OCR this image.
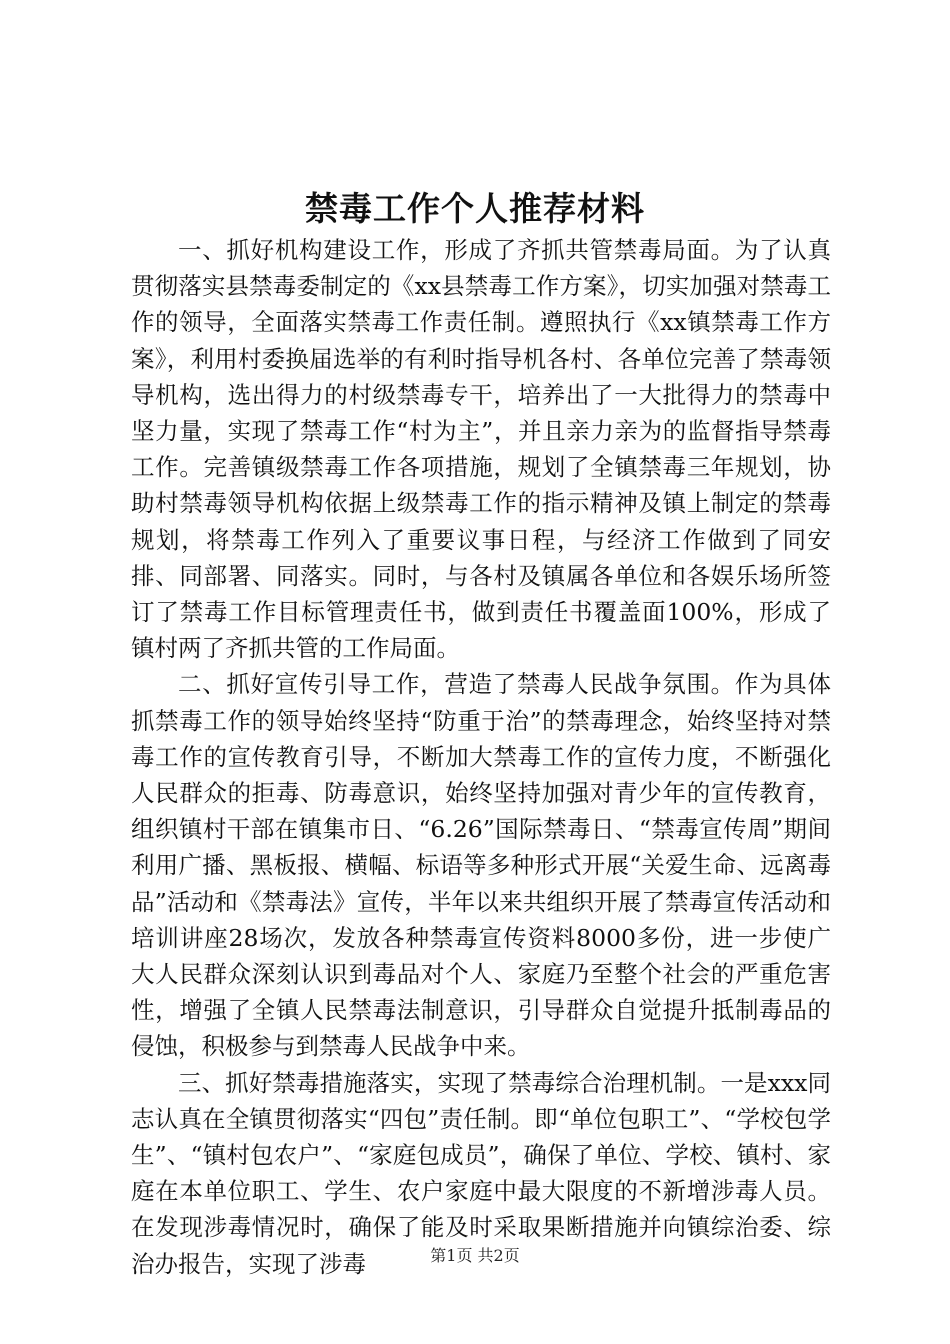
禁毒工作个人推荐材料

一、抓好机构建设工作，形成了齐抓共管禁毒局面。为了认真贯彻落实县禁毒委制定的《xx县禁毒工作方案》，切实加强对禁毒工作的领导，全面落实禁毒工作责任制。遵照执行《xx镇禁毒工作方案》，利用村委换届选举的有利时指导机各村、各单位完善了禁毒领导机构，选出得力的村级禁毒专干，培养出了一大批得力的禁毒中坚力量，实现了禁毒工作“村为主”，并且亲力亲为的监督指导禁毒工作。完善镇级禁毒工作各项措施，规划了全镇禁毒三年规划，协助村禁毒领导机构依据上级禁毒工作的指示精神及镇上制定的禁毒规划，将禁毒工作列入了重要议事日程，与经济工作做到了同安排、同部署、同落实。同时，与各村及镇属各单位和各娱乐场所签订了禁毒工作目标管理责任书，做到责任书覆盖面100%，形成了镇村两了齐抓共管的工作局面。

二、抓好宣传引导工作，营造了禁毒人民战争氛围。作为具体抓禁毒工作的领导始终坚持“防重于治”的禁毒理念，始终坚持对禁毒工作的宣传教育引导，不断加大禁毒工作的宣传力度，不断强化人民群众的拒毒、防毒意识，始终坚持加强对青少年的宣传教育，组织镇村干部在镇集市日、“6.26”国际禁毒日、“禁毒宣传周”期间利用广播、黑板报、横幅、标语等多种形式开展“关爱生命、远离毒品”活动和《禁毒法》宣传，半年以来共组织开展了禁毒宣传活动和培训讲座28场次，发放各种禁毒宣传资料8000多份，进一步使广大人民群众深刻认识到毒品对个人、家庭乃至整个社会的严重危害性，增强了全镇人民禁毒法制意识，引导群众自觉提升抵制毒品的侵蚀，积极参与到禁毒人民战争中来。

三、抓好禁毒措施落实，实现了禁毒综合治理机制。一是xxx同志认真在全镇贯彻落实“四包”责任制。即“单位包职工”、“学校包学生”、“镇村包农户”、“家庭包成员”，确保了单位、学校、镇村、家庭在本单位职工、学生、农户家庭中最大限度的不新增涉毒人员。在发现涉毒情况时，确保了能及时采取果断措施并向镇综治委、综治办报告，实现了涉毒	第1页 共2页
